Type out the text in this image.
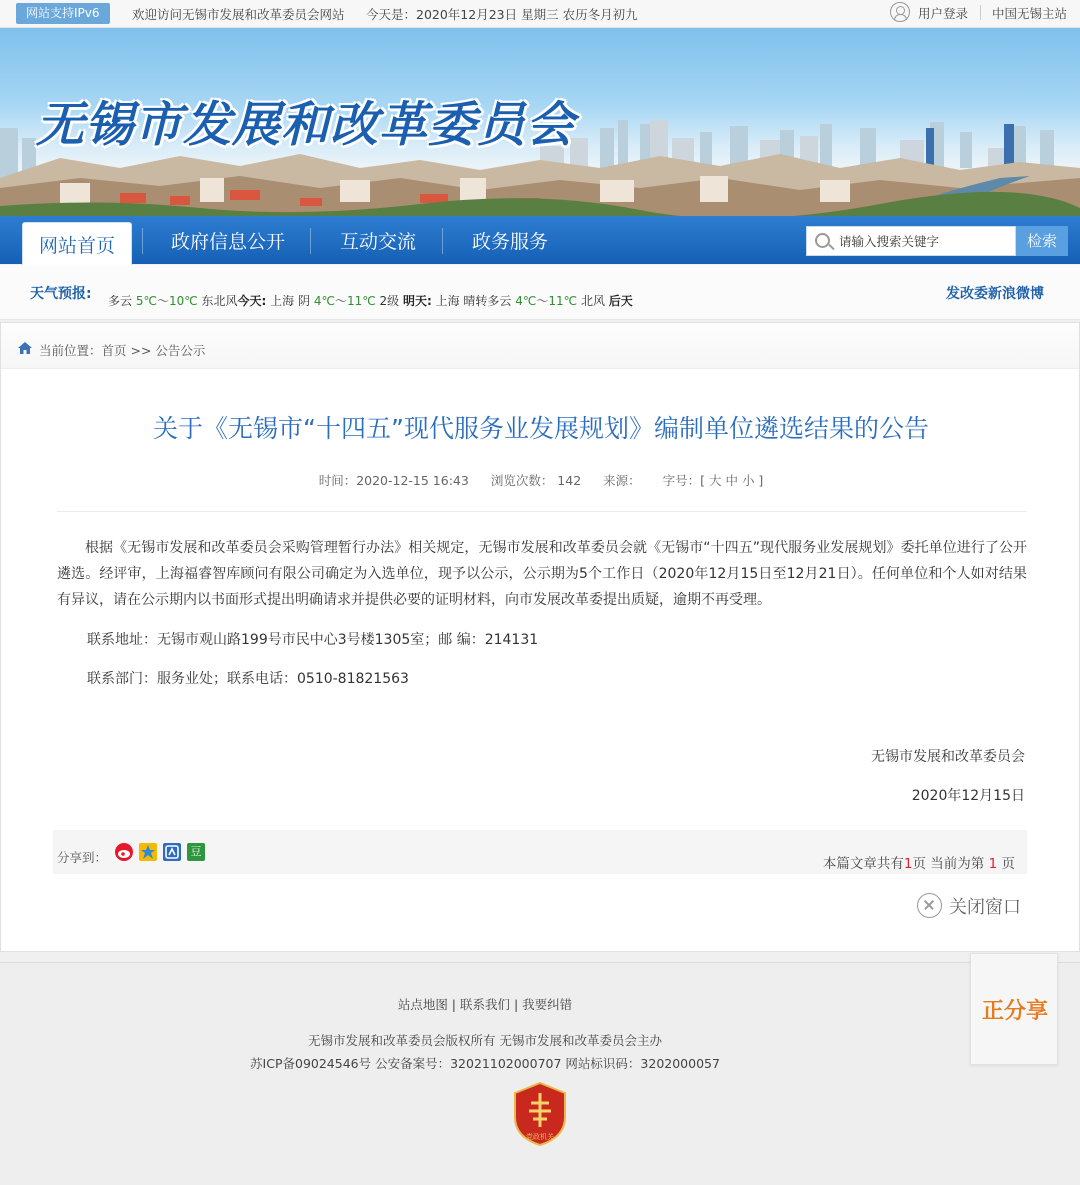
网站支持IPv6	欢迎访问无锡市发展和改革委员会网站 今天是：2020年12月23日 星期三 农历冬月初九	用户登录 中国无锡主站
无锡市发展和改革委员会
网站首页	政府信息公开	互动交流	政务服务
请输入搜索关键字	检索
天气预报: 多云 5℃～10℃ 东北风今天: 上海 阴 4℃～11℃ 2级 明天: 上海 晴转多云 4℃～11℃ 北风 后天	发改委新浪微博
当前位置：首页 >> 公告公示
关于《无锡市“十四五”现代服务业发展规划》编制单位遴选结果的公告
时间：2020-12-15 16:43 浏览次数： 142 来源： 字号：[ 大 中 小 ]

根据《无锡市发展和改革委员会采购管理暂行办法》相关规定，无锡市发展和改革委员会就《无锡市“十四五”现代服务业发展规划》委托单位进行了公开遴选。经评审，上海福睿智库顾问有限公司确定为入选单位，现予以公示，公示期为5个工作日（2020年12月15日至12月21日）。任何单位和个人如对结果有异议，请在公示期内以书面形式提出明确请求并提供必要的证明材料，向市发展改革委提出质疑，逾期不再受理。

联系地址：无锡市观山路199号市民中心3号楼1305室；邮 编：214131
联系部门：服务业处；联系电话：0510-81821563
无锡市发展和改革委员会
2020年12月15日
分享到：	豆
本篇文章共有1页 当前为第 1 页
关闭窗口
站点地图 | 联系我们 | 我要纠错
无锡市发展和改革委员会版权所有 无锡市发展和改革委员会主办
苏ICP备09024546号 公安备案号：32021102000707 网站标识码：3202000057
党政机关
正分享
